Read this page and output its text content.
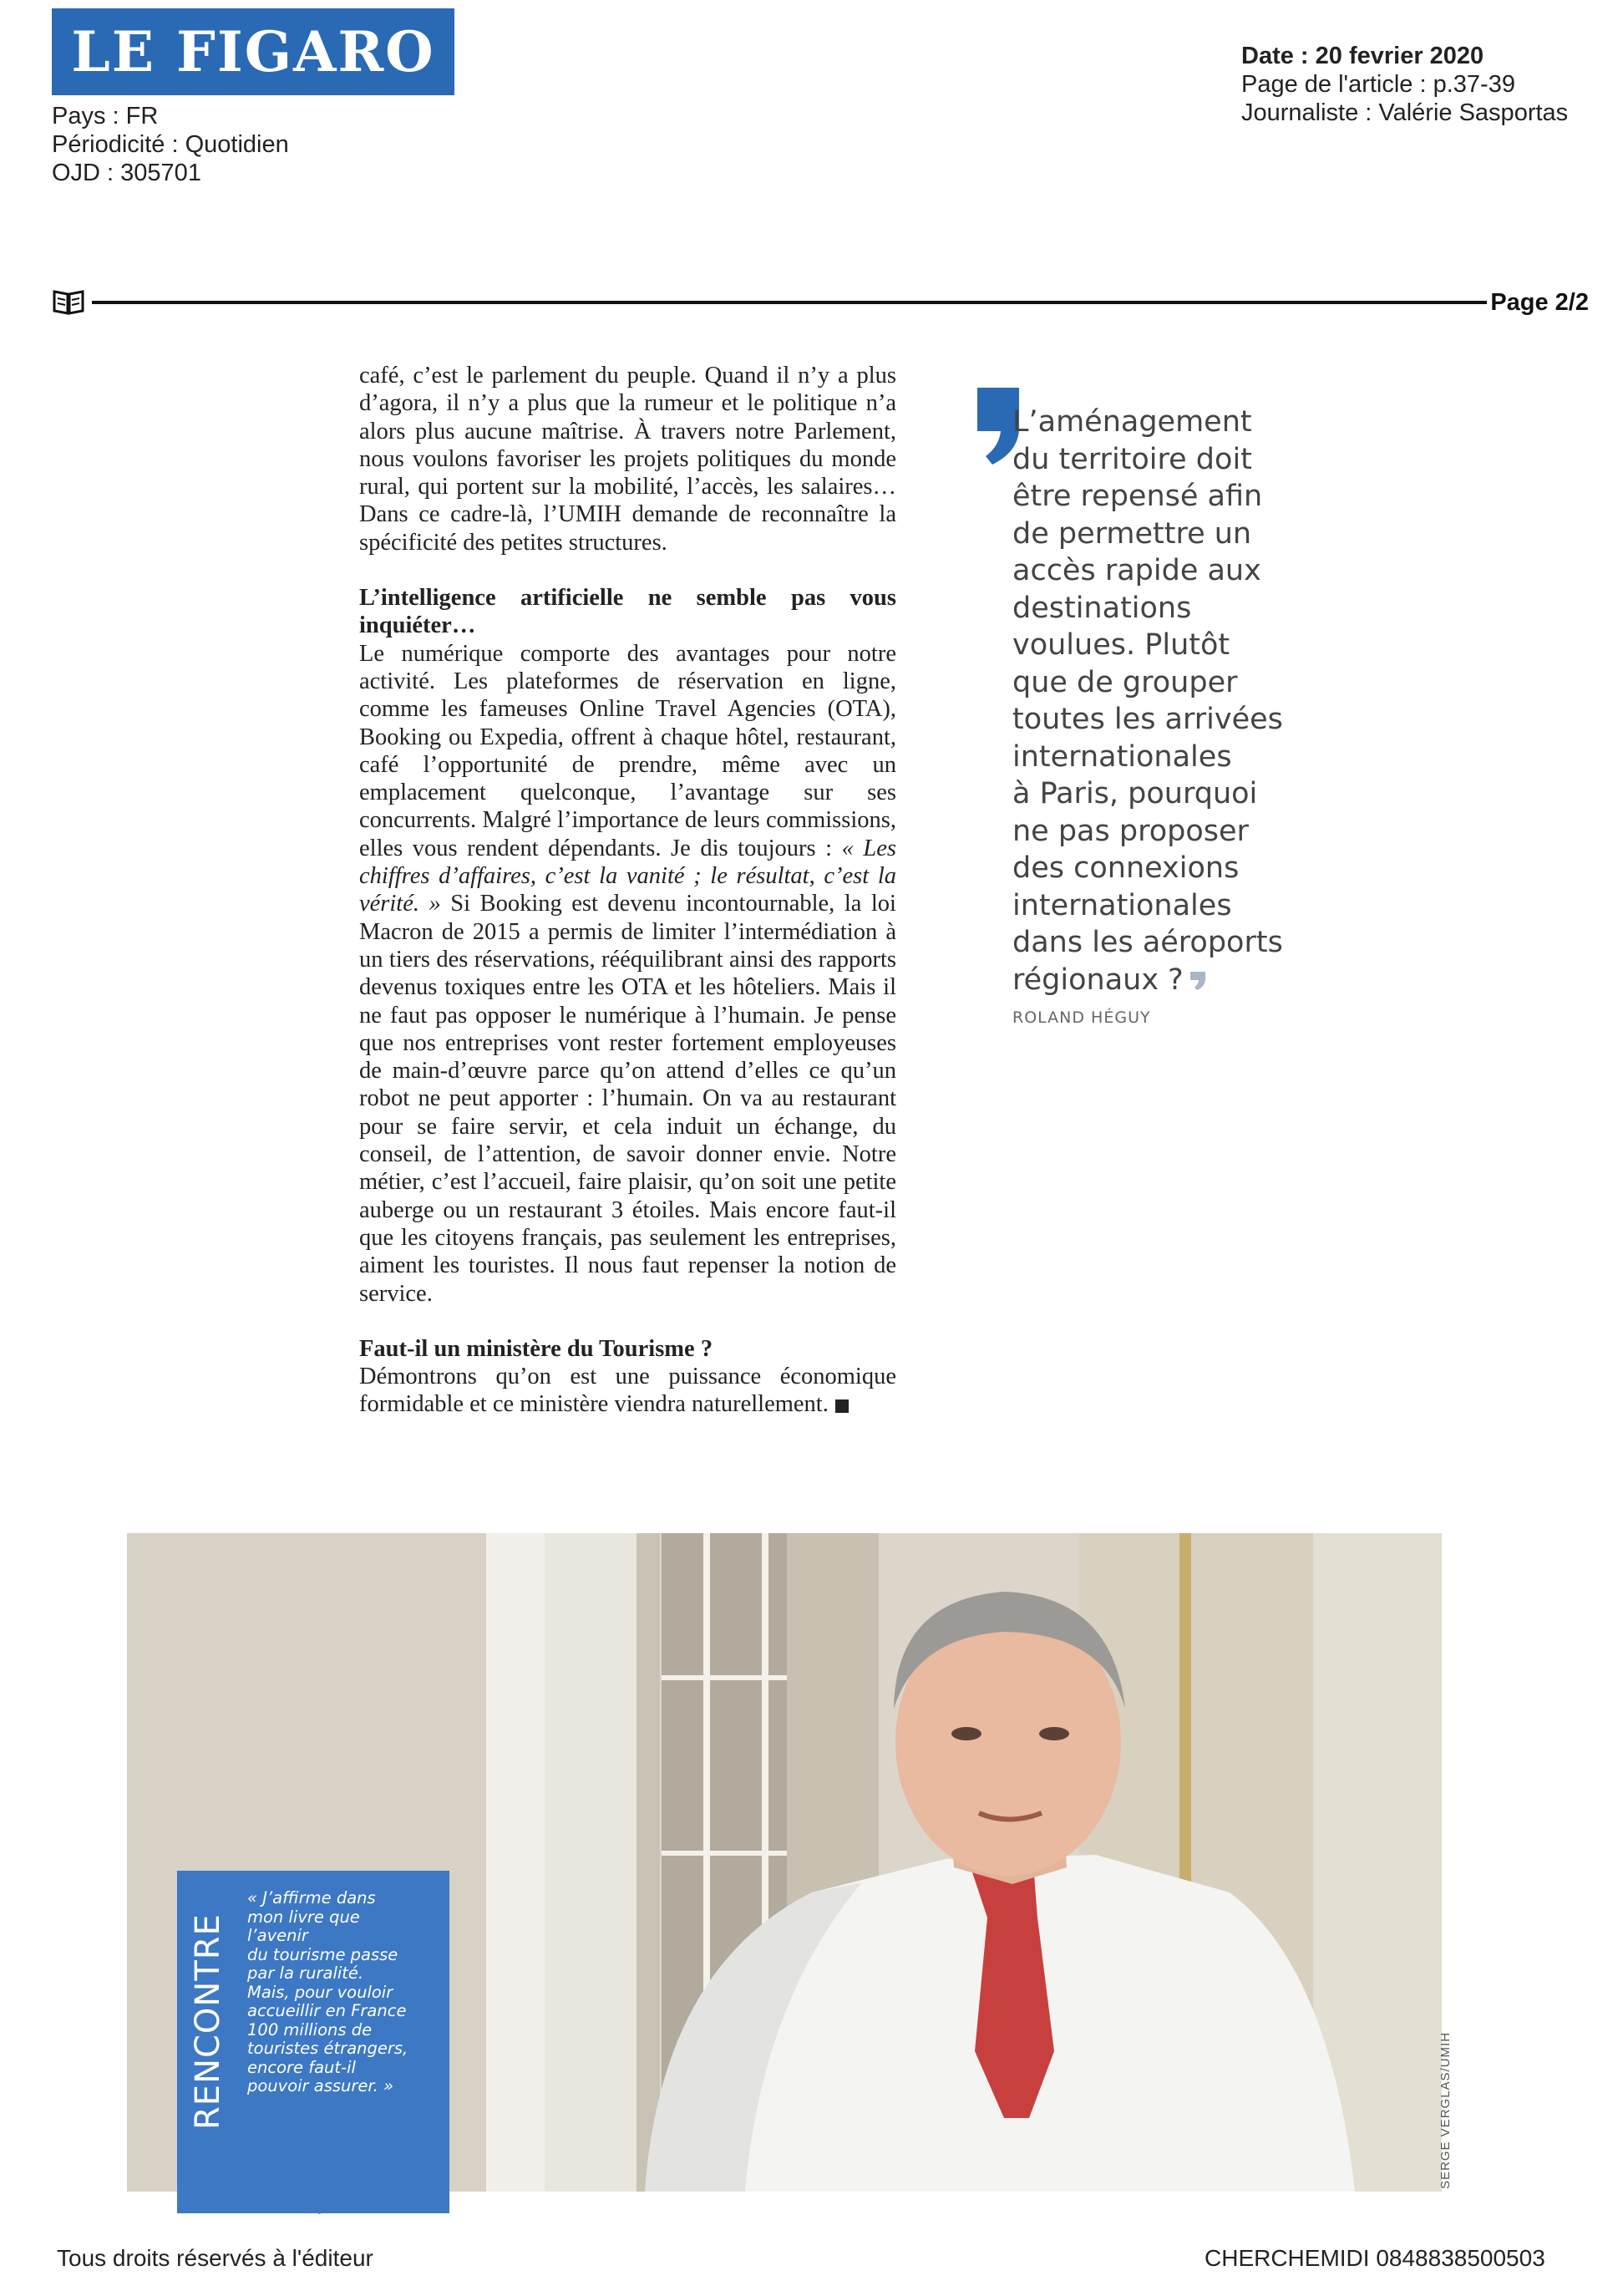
LE FIGARO
Pays : FR
Périodicité : Quotidien
OJD : 305701
Date : 20 fevrier 2020
Page de l'article : p.37-39
Journaliste : Valérie Sasportas
Page 2/2

café, c’est le parlement du peuple. Quand il n’y a plus d’agora, il n’y a plus que la rumeur et le politique n’a alors plus aucune maîtrise. À travers notre Parlement, nous voulons favoriser les projets politiques du monde rural, qui portent sur la mobilité, l’accès, les salaires… Dans ce cadre-là, l’UMIH demande de reconnaître la spécificité des petites structures.

L’intelligence artificielle ne semble pas vous inquiéter…

Le numérique comporte des avantages pour notre activité. Les plateformes de réservation en ligne, comme les fameuses Online Travel Agencies (OTA), Booking ou Expedia, offrent à chaque hôtel, restaurant, café l’opportunité de prendre, même avec un emplacement quelconque, l’avantage sur ses concurrents. Malgré l’importance de leurs commissions, elles vous rendent dépendants. Je dis toujours : « Les chiffres d’affaires, c’est la vanité ; le résultat, c’est la vérité. » Si Booking est devenu incontournable, la loi Macron de 2015 a permis de limiter l’intermédiation à un tiers des réservations, rééquilibrant ainsi des rapports devenus toxiques entre les OTA et les hôteliers. Mais il ne faut pas opposer le numérique à l’humain. Je pense que nos entreprises vont rester fortement employeuses de main-d’œuvre parce qu’on attend d’elles ce qu’un robot ne peut apporter : l’humain. On va au restaurant pour se faire servir, et cela induit un échange, du conseil, de l’attention, de savoir donner envie. Notre métier, c’est l’accueil, faire plaisir, qu’on soit une petite auberge ou un restaurant 3 étoiles. Mais encore faut-il que les citoyens français, pas seulement les entreprises, aiment les touristes. Il nous faut repenser la notion de service.

Faut-il un ministère du Tourisme ?

Démontrons qu’on est une puissance économique formidable et ce ministère viendra naturellement.

L’aménagement
du territoire doit
être repensé afin
de permettre un
accès rapide aux
destinations
voulues. Plutôt
que de grouper
toutes les arrivées
internationales
à Paris, pourquoi
ne pas proposer
des connexions
internationales
dans les aéroports
régionaux ?
ROLAND HÉGUY
SERGE VERGLAS/UMIH
RENCONTRE
« J’affirme dans
mon livre que
l’avenir
du tourisme passe
par la ruralité.
Mais, pour vouloir
accueillir en France
100 millions de
touristes étrangers,
encore faut-il
pouvoir assurer. »
Tous droits réservés à l'éditeur	CHERCHEMIDI 0848838500503
